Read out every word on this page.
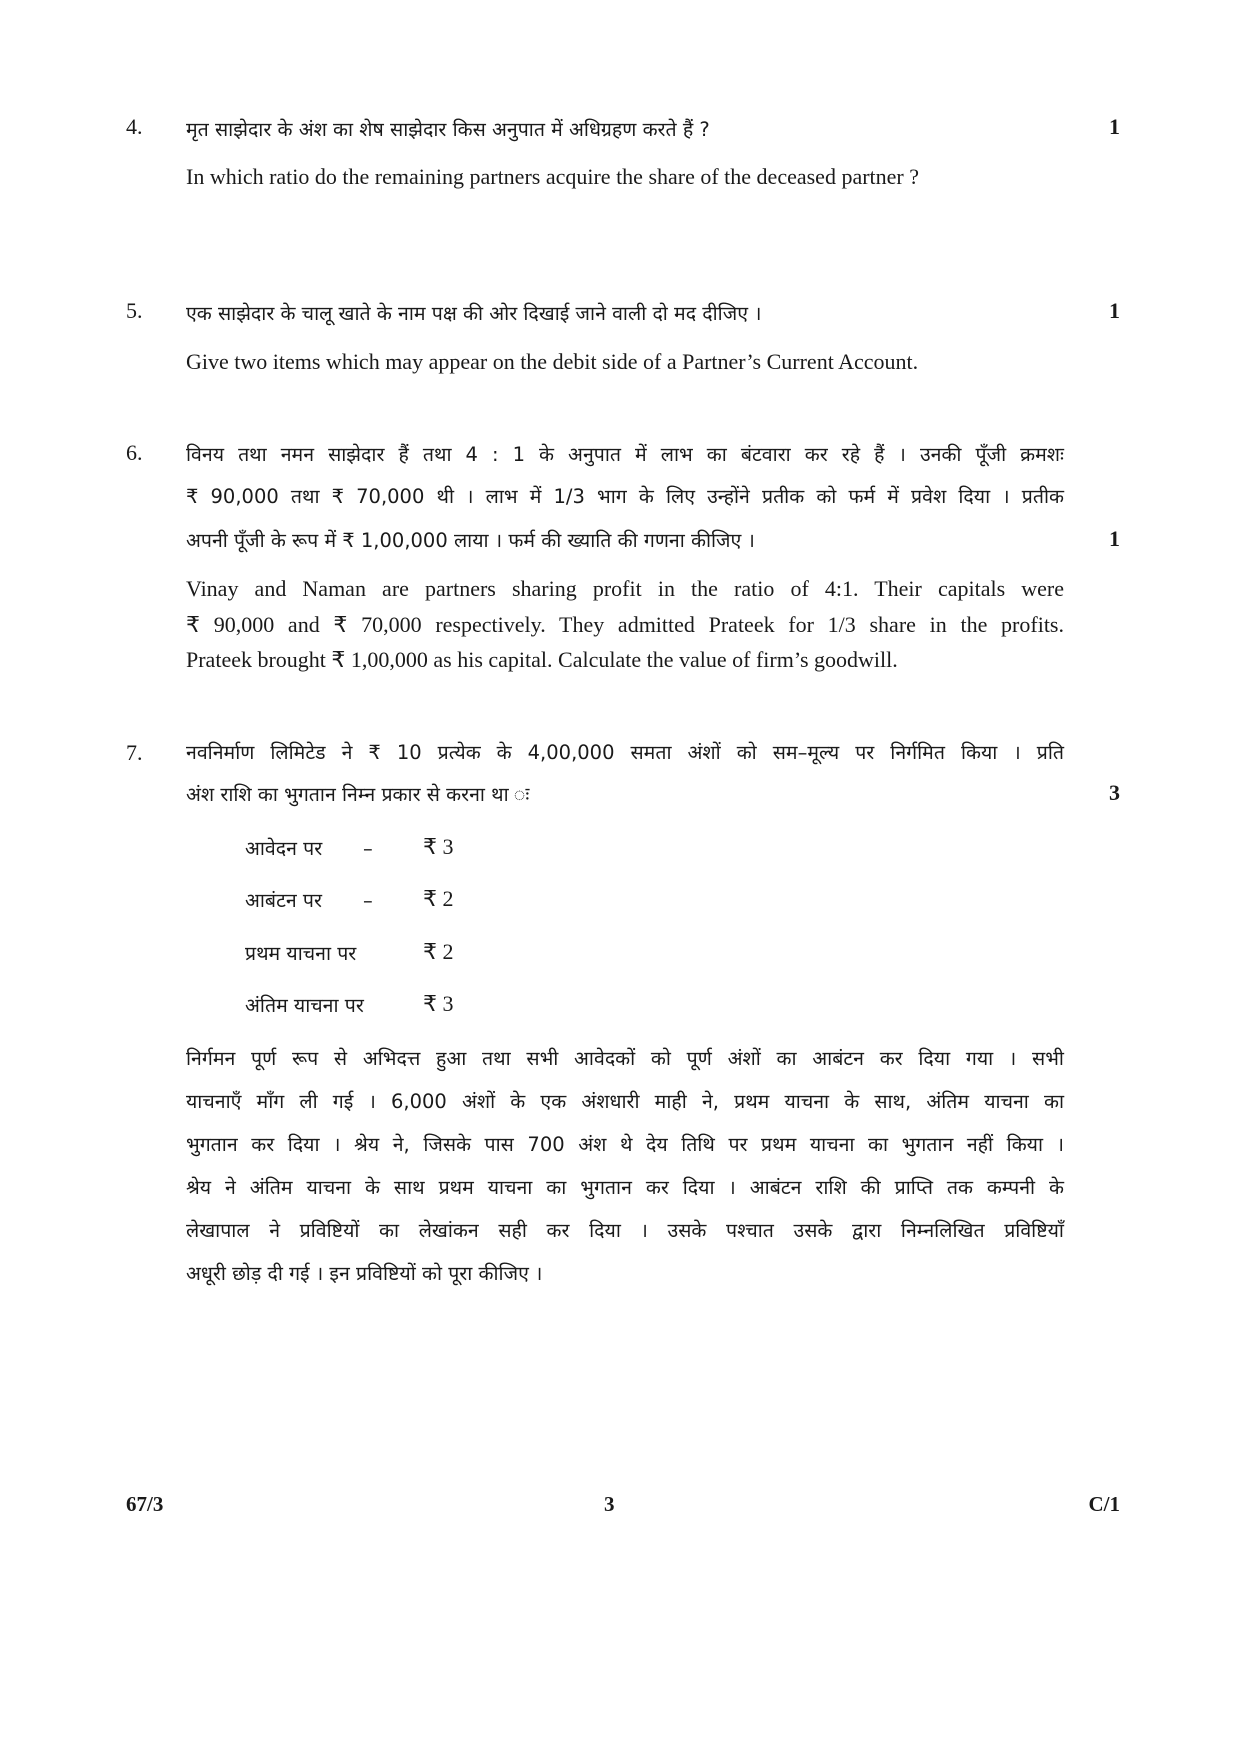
4.	मृत साझेदार के अंश का शेष साझेदार किस अनुपात में अधिग्रहण करते हैं ?	1
In which ratio do the remaining partners acquire the share of the deceased partner ?
5.	एक साझेदार के चालू खाते के नाम पक्ष की ओर दिखाई जाने वाली दो मद दीजिए ।	1
Give two items which may appear on the debit side of a Partner’s Current Account.
6.	विनय तथा नमन साझेदार हैं तथा 4 : 1 के अनुपात में लाभ का बंटवारा कर रहे हैं । उनकी पूँजी क्रमशः
₹ 90,000 तथा ₹ 70,000 थी । लाभ में 1/3 भाग के लिए उन्होंने प्रतीक को फर्म में प्रवेश दिया । प्रतीक
अपनी पूँजी के रूप में ₹ 1,00,000 लाया । फर्म की ख्याति की गणना कीजिए ।	1
Vinay and Naman are partners sharing profit in the ratio of 4:1. Their capitals were
₹ 90,000 and ₹ 70,000 respectively. They admitted Prateek for 1/3 share in the profits.
Prateek brought ₹ 1,00,000 as his capital. Calculate the value of firm’s goodwill.
7.	नवनिर्माण लिमिटेड ने ₹ 10 प्रत्येक के 4,00,000 समता अंशों को सम–मूल्य पर निर्गमित किया । प्रति
अंश राशि का भुगतान निम्न प्रकार से करना था ः	3
आवेदन पर – ₹ 3
आबंटन पर – ₹ 2
प्रथम याचना पर	₹ 2
अंतिम याचना पर	₹ 3
निर्गमन पूर्ण रूप से अभिदत्त हुआ तथा सभी आवेदकों को पूर्ण अंशों का आबंटन कर दिया गया । सभी
याचनाएँ माँग ली गई । 6,000 अंशों के एक अंशधारी माही ने, प्रथम याचना के साथ, अंतिम याचना का
भुगतान कर दिया । श्रेय ने, जिसके पास 700 अंश थे देय तिथि पर प्रथम याचना का भुगतान नहीं किया ।
श्रेय ने अंतिम याचना के साथ प्रथम याचना का भुगतान कर दिया । आबंटन राशि की प्राप्ति तक कम्पनी के
लेखापाल ने प्रविष्टियों का लेखांकन सही कर दिया । उसके पश्चात उसके द्वारा निम्नलिखित प्रविष्टियाँ
अधूरी छोड़ दी गई । इन प्रविष्टियों को पूरा कीजिए ।
67/3	3	C/1
